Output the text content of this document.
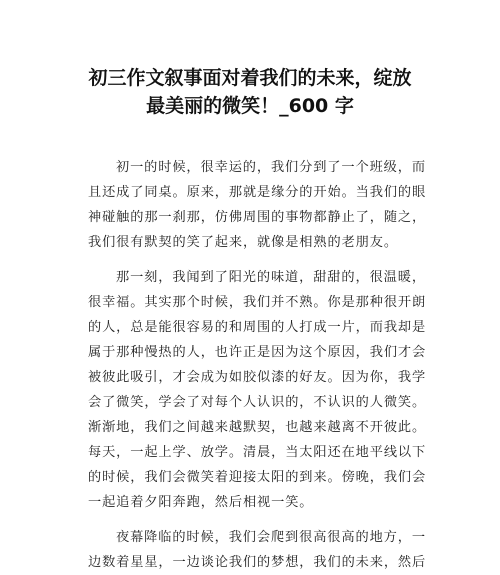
初三作文叙事面对着我们的未来，绽放
最美丽的微笑！_600 字
初一的时候，很幸运的，我们分到了一个班级，而
且还成了同桌。原来，那就是缘分的开始。当我们的眼
神碰触的那一刹那，仿佛周围的事物都静止了，随之，
我们很有默契的笑了起来，就像是相熟的老朋友。
那一刻，我闻到了阳光的味道，甜甜的，很温暖，
很幸福。其实那个时候，我们并不熟。你是那种很开朗
的人，总是能很容易的和周围的人打成一片，而我却是
属于那种慢热的人，也许正是因为这个原因，我们才会
被彼此吸引，才会成为如胶似漆的好友。因为你，我学
会了微笑，学会了对每个人认识的，不认识的人微笑。
渐渐地，我们之间越来越默契，也越来越离不开彼此。
每天，一起上学、放学。清晨，当太阳还在地平线以下
的时候，我们会微笑着迎接太阳的到来。傍晚，我们会
一起追着夕阳奔跑，然后相视一笑。
夜幕降临的时候，我们会爬到很高很高的地方，一
边数着星星，一边谈论我们的梦想，我们的未来，然后
